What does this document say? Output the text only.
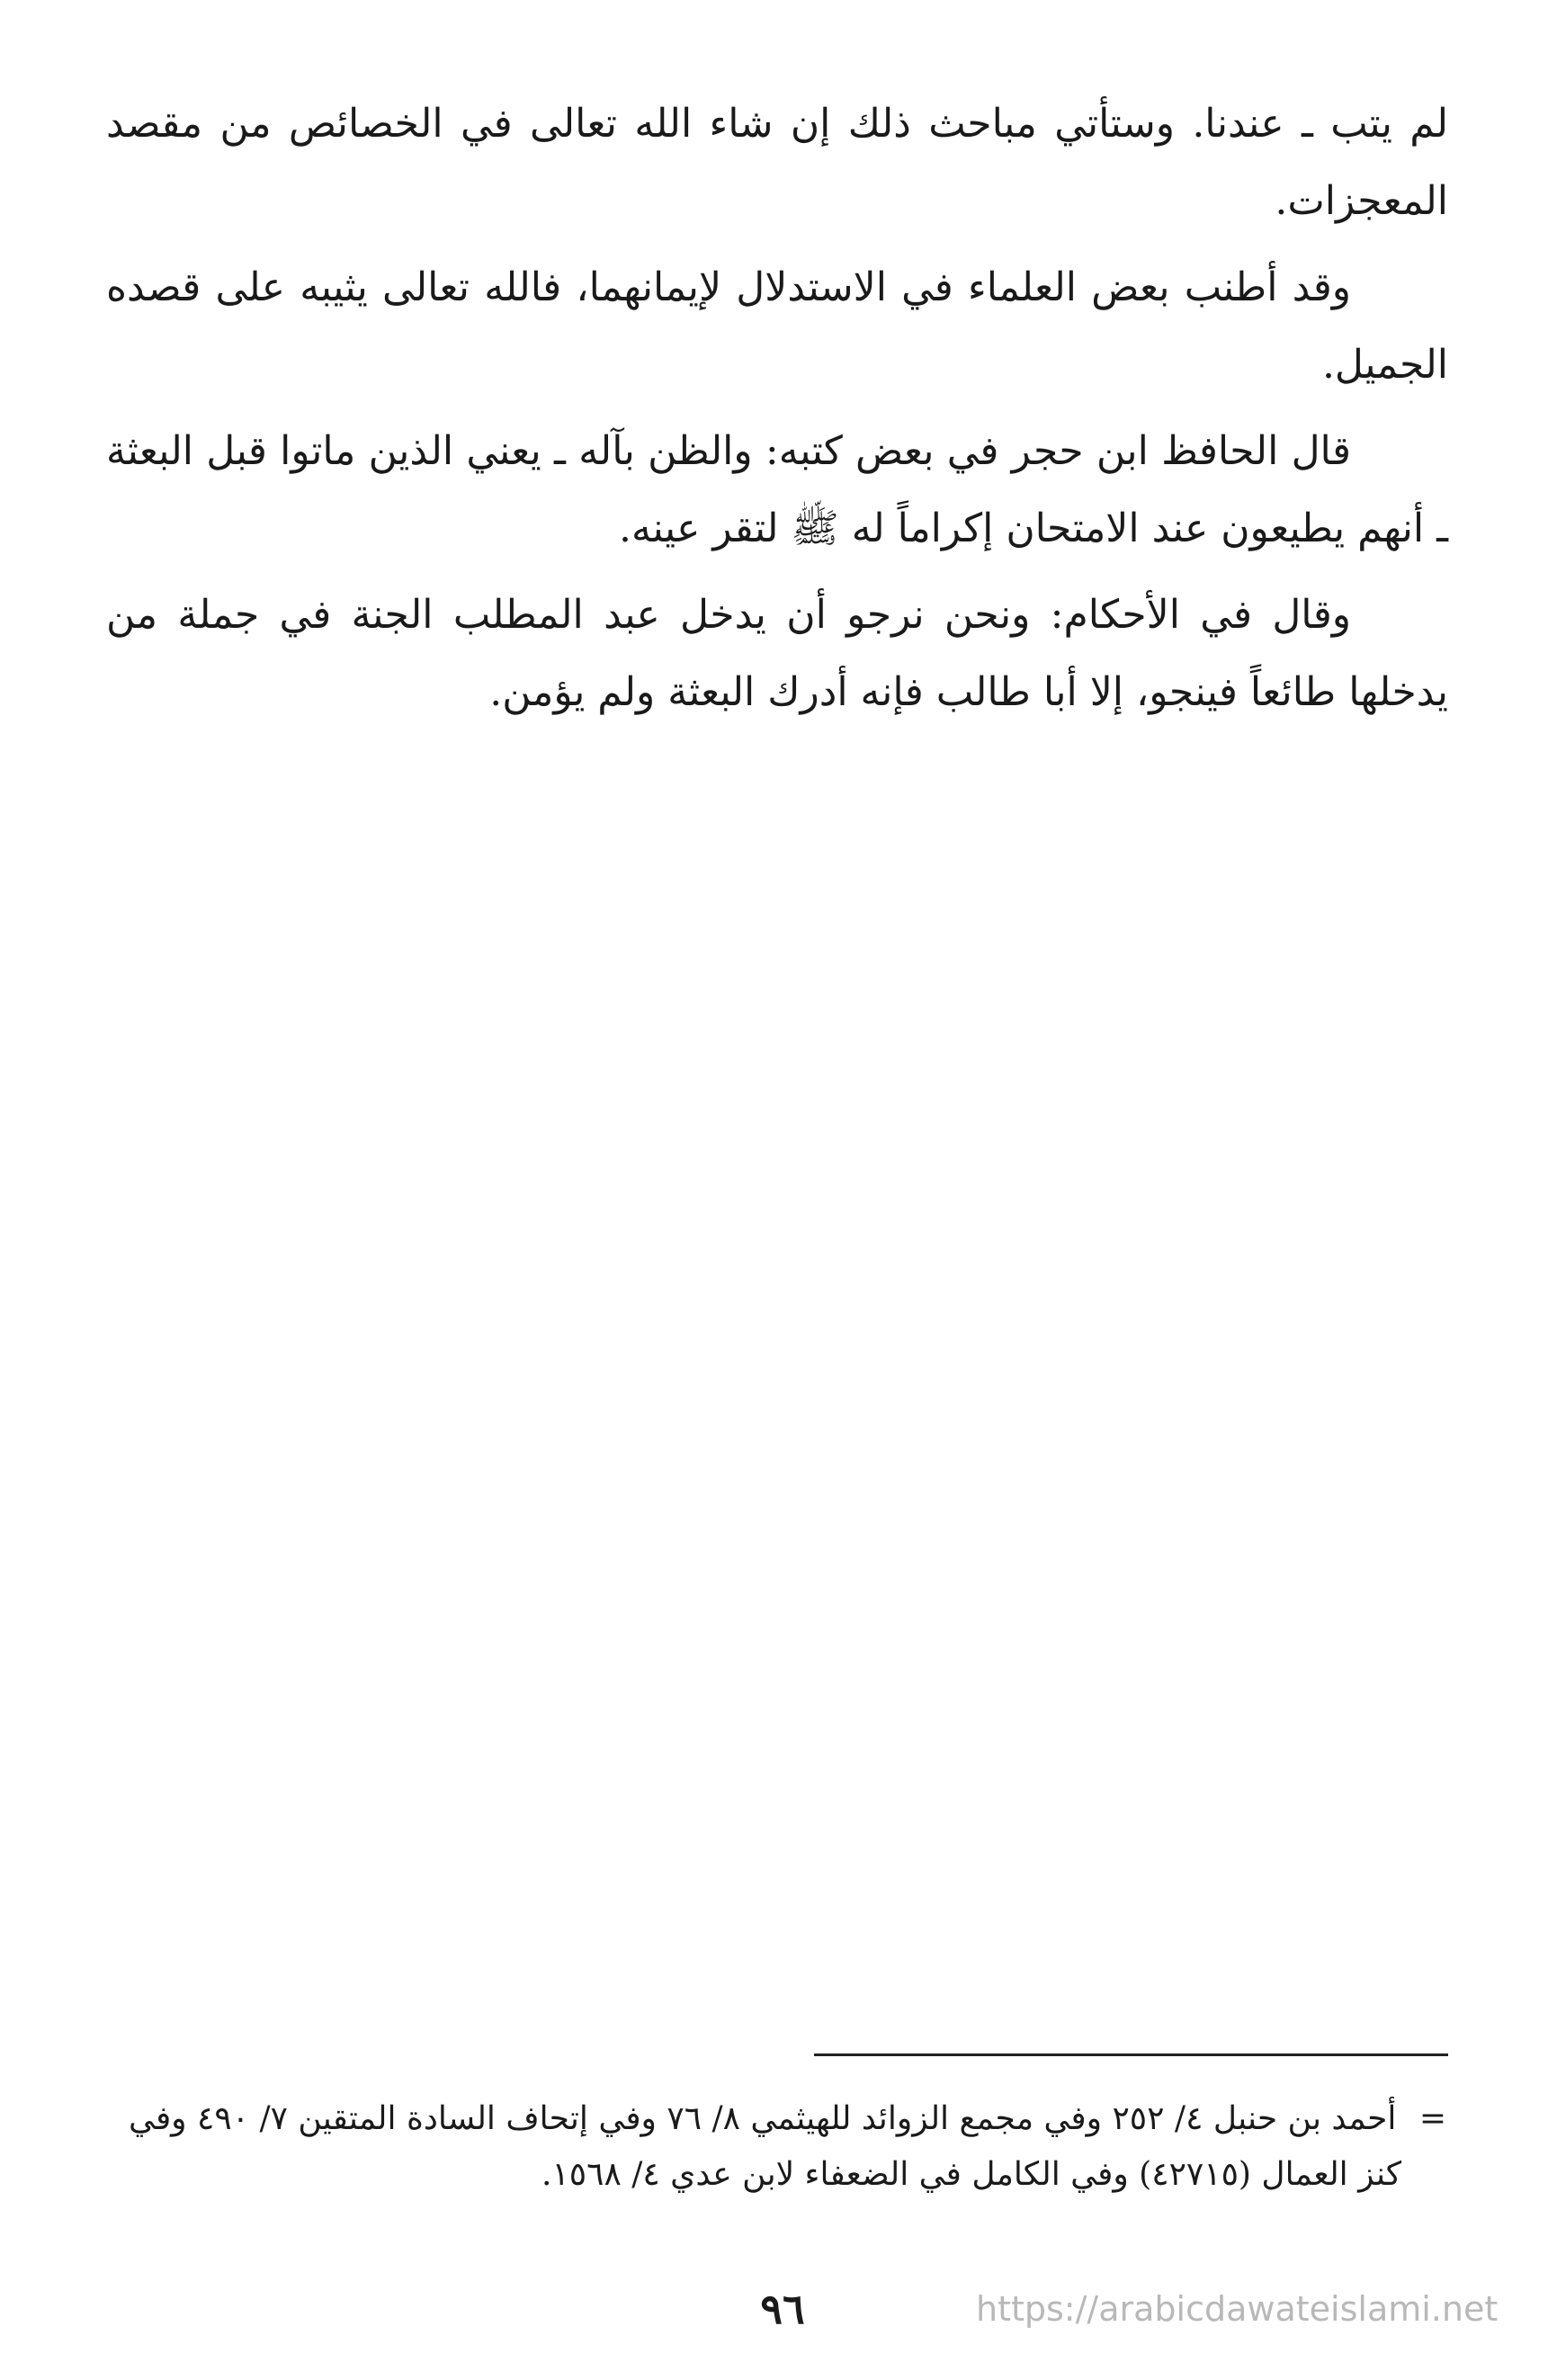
لم يتب ـ عندنا. وستأتي مباحث ذلك إن شاء الله تعالى في الخصائص من مقصد المعجزات.

وقد أطنب بعض العلماء في الاستدلال لإيمانهما، فالله تعالى يثيبه على قصده الجميل.

قال الحافظ ابن حجر في بعض كتبه: والظن بآله ـ يعني الذين ماتوا قبل البعثة ـ أنهم يطيعون عند الامتحان إكراماً له ﷺ لتقر عينه.

وقال في الأحكام: ونحن نرجو أن يدخل عبد المطلب الجنة في جملة من يدخلها طائعاً فينجو، إلا أبا طالب فإنه أدرك البعثة ولم يؤمن.

= أحمد بن حنبل ٤/ ٢٥٢ وفي مجمع الزوائد للهيثمي ٨/ ٧٦ وفي إتحاف السادة المتقين ٧/ ٤٩٠ وفي
كنز العمال (٤٢٧١٥) وفي الكامل في الضعفاء لابن عدي ٤/ ١٥٦٨.
٩٦	https://arabicdawateislami.net
